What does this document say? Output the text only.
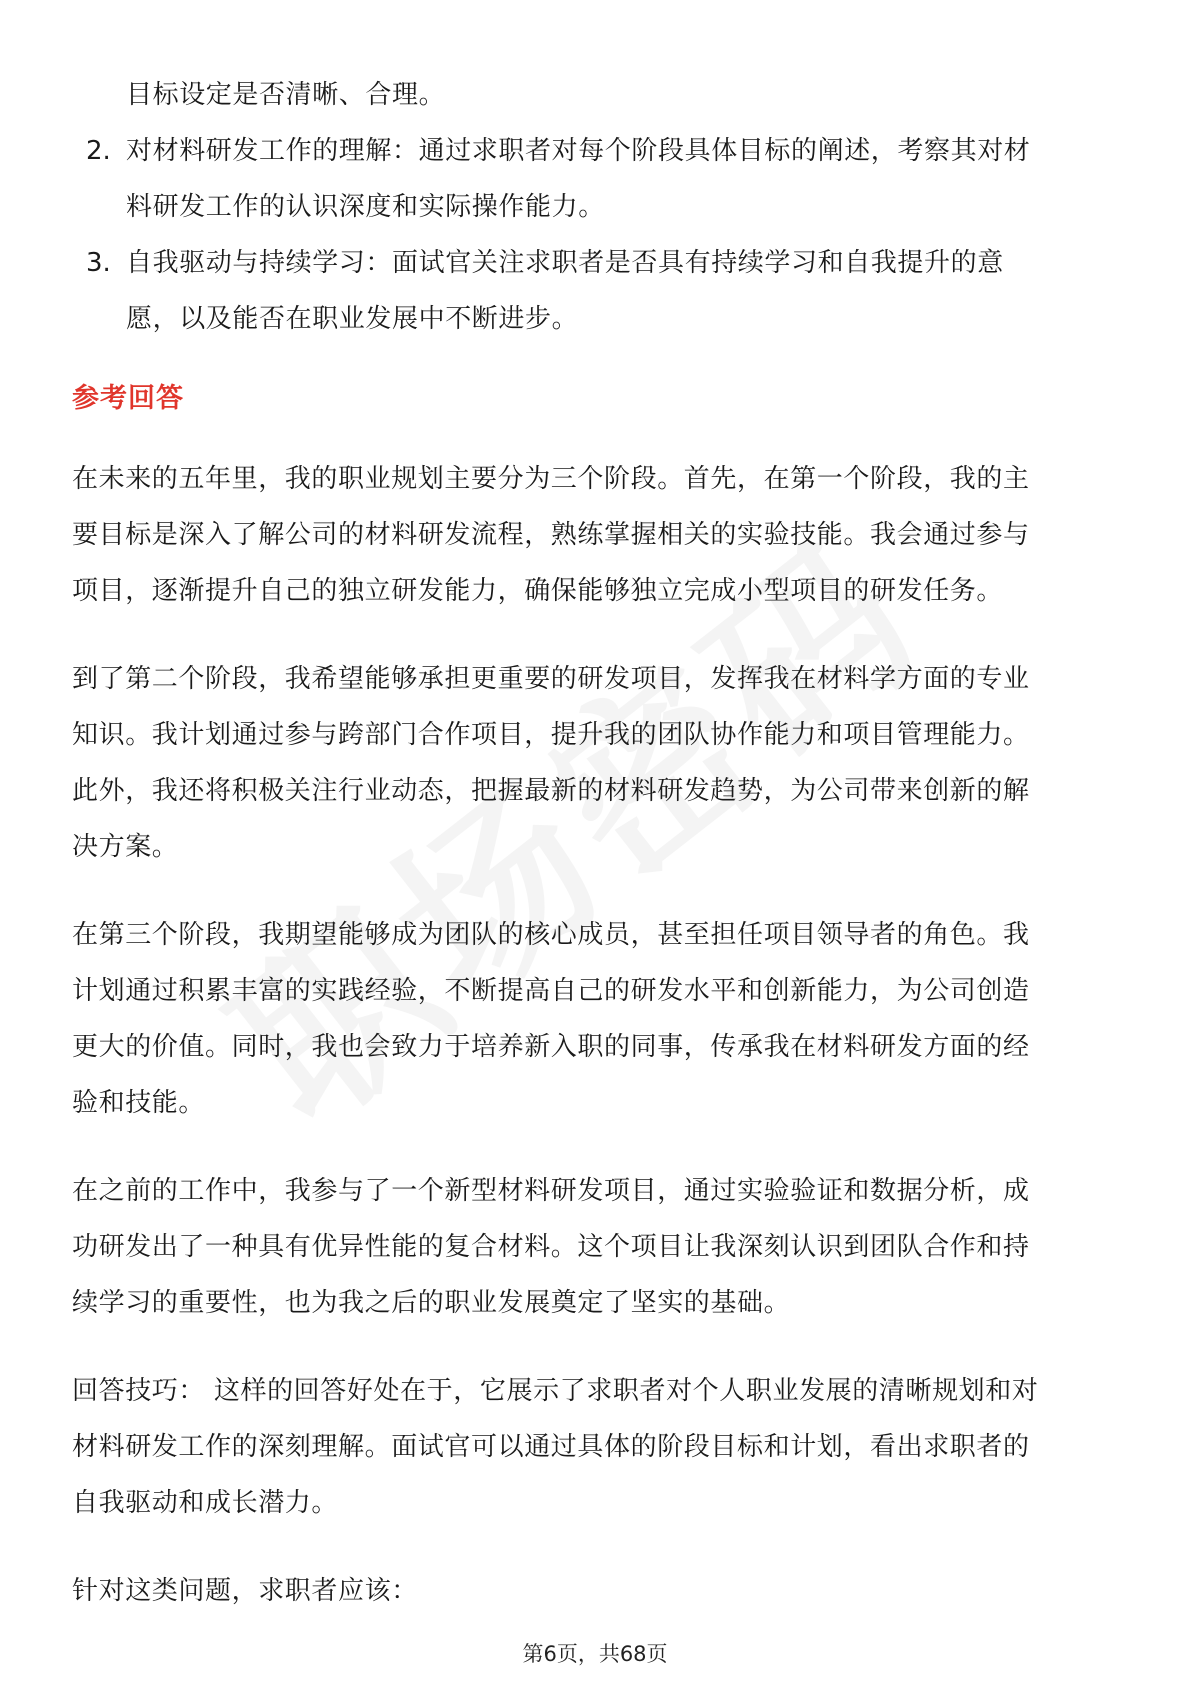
目标设定是否清晰、合理。
2. 对材料研发工作的理解：通过求职者对每个阶段具体目标的阐述，考察其对材
料研发工作的认识深度和实际操作能力。
3. 自我驱动与持续学习：面试官关注求职者是否具有持续学习和自我提升的意
愿，以及能否在职业发展中不断进步。
参考回答
在未来的五年里，我的职业规划主要分为三个阶段。首先，在第一个阶段，我的主
要目标是深入了解公司的材料研发流程，熟练掌握相关的实验技能。我会通过参与
项目，逐渐提升自己的独立研发能力，确保能够独立完成小型项目的研发任务。
到了第二个阶段，我希望能够承担更重要的研发项目，发挥我在材料学方面的专业
知识。我计划通过参与跨部门合作项目，提升我的团队协作能力和项目管理能力。
此外，我还将积极关注行业动态，把握最新的材料研发趋势，为公司带来创新的解
决方案。
在第三个阶段，我期望能够成为团队的核心成员，甚至担任项目领导者的角色。我
计划通过积累丰富的实践经验，不断提高自己的研发水平和创新能力，为公司创造
更大的价值。同时，我也会致力于培养新入职的同事，传承我在材料研发方面的经
验和技能。
在之前的工作中，我参与了一个新型材料研发项目，通过实验验证和数据分析，成
功研发出了一种具有优异性能的复合材料。这个项目让我深刻认识到团队合作和持
续学习的重要性，也为我之后的职业发展奠定了坚实的基础。
回答技巧： 这样的回答好处在于，它展示了求职者对个人职业发展的清晰规划和对
材料研发工作的深刻理解。面试官可以通过具体的阶段目标和计划，看出求职者的
自我驱动和成长潜力。
针对这类问题，求职者应该：
第6页，共68页
